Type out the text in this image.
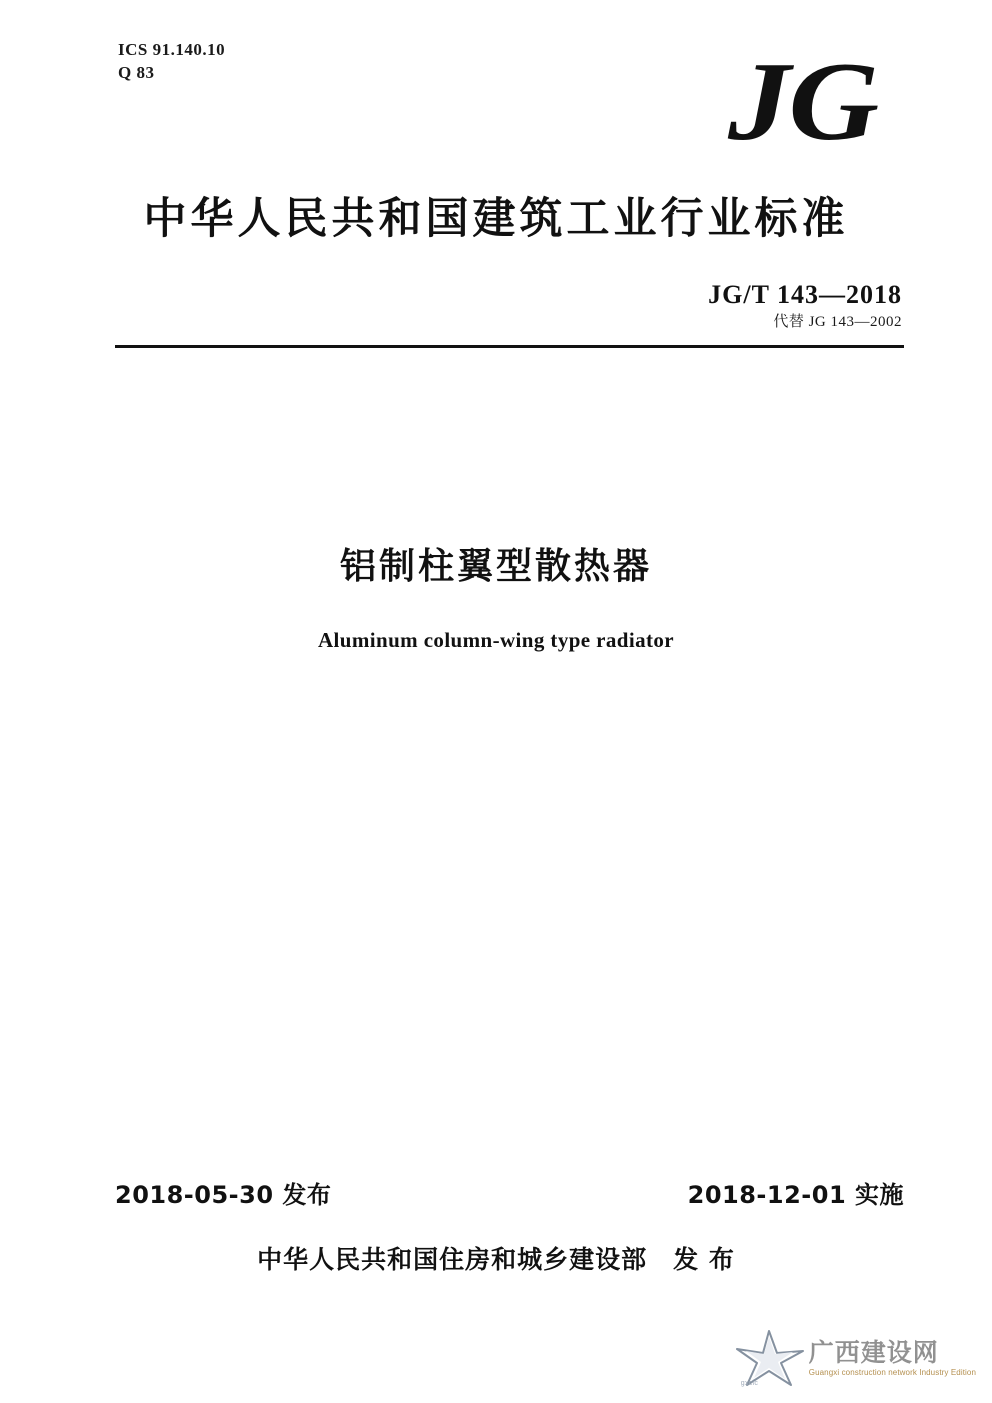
ICS 91.140.10
Q 83	JG
中华人民共和国建筑工业行业标准
JG/T 143—2018
代替 JG 143—2002
铝制柱翼型散热器
Aluminum column-wing type radiator
2018-05-30 发布	2018-12-01 实施
中华人民共和国住房和城乡建设部 发 布
gxcic
广西建设网
Guangxi construction network Industry Edition
